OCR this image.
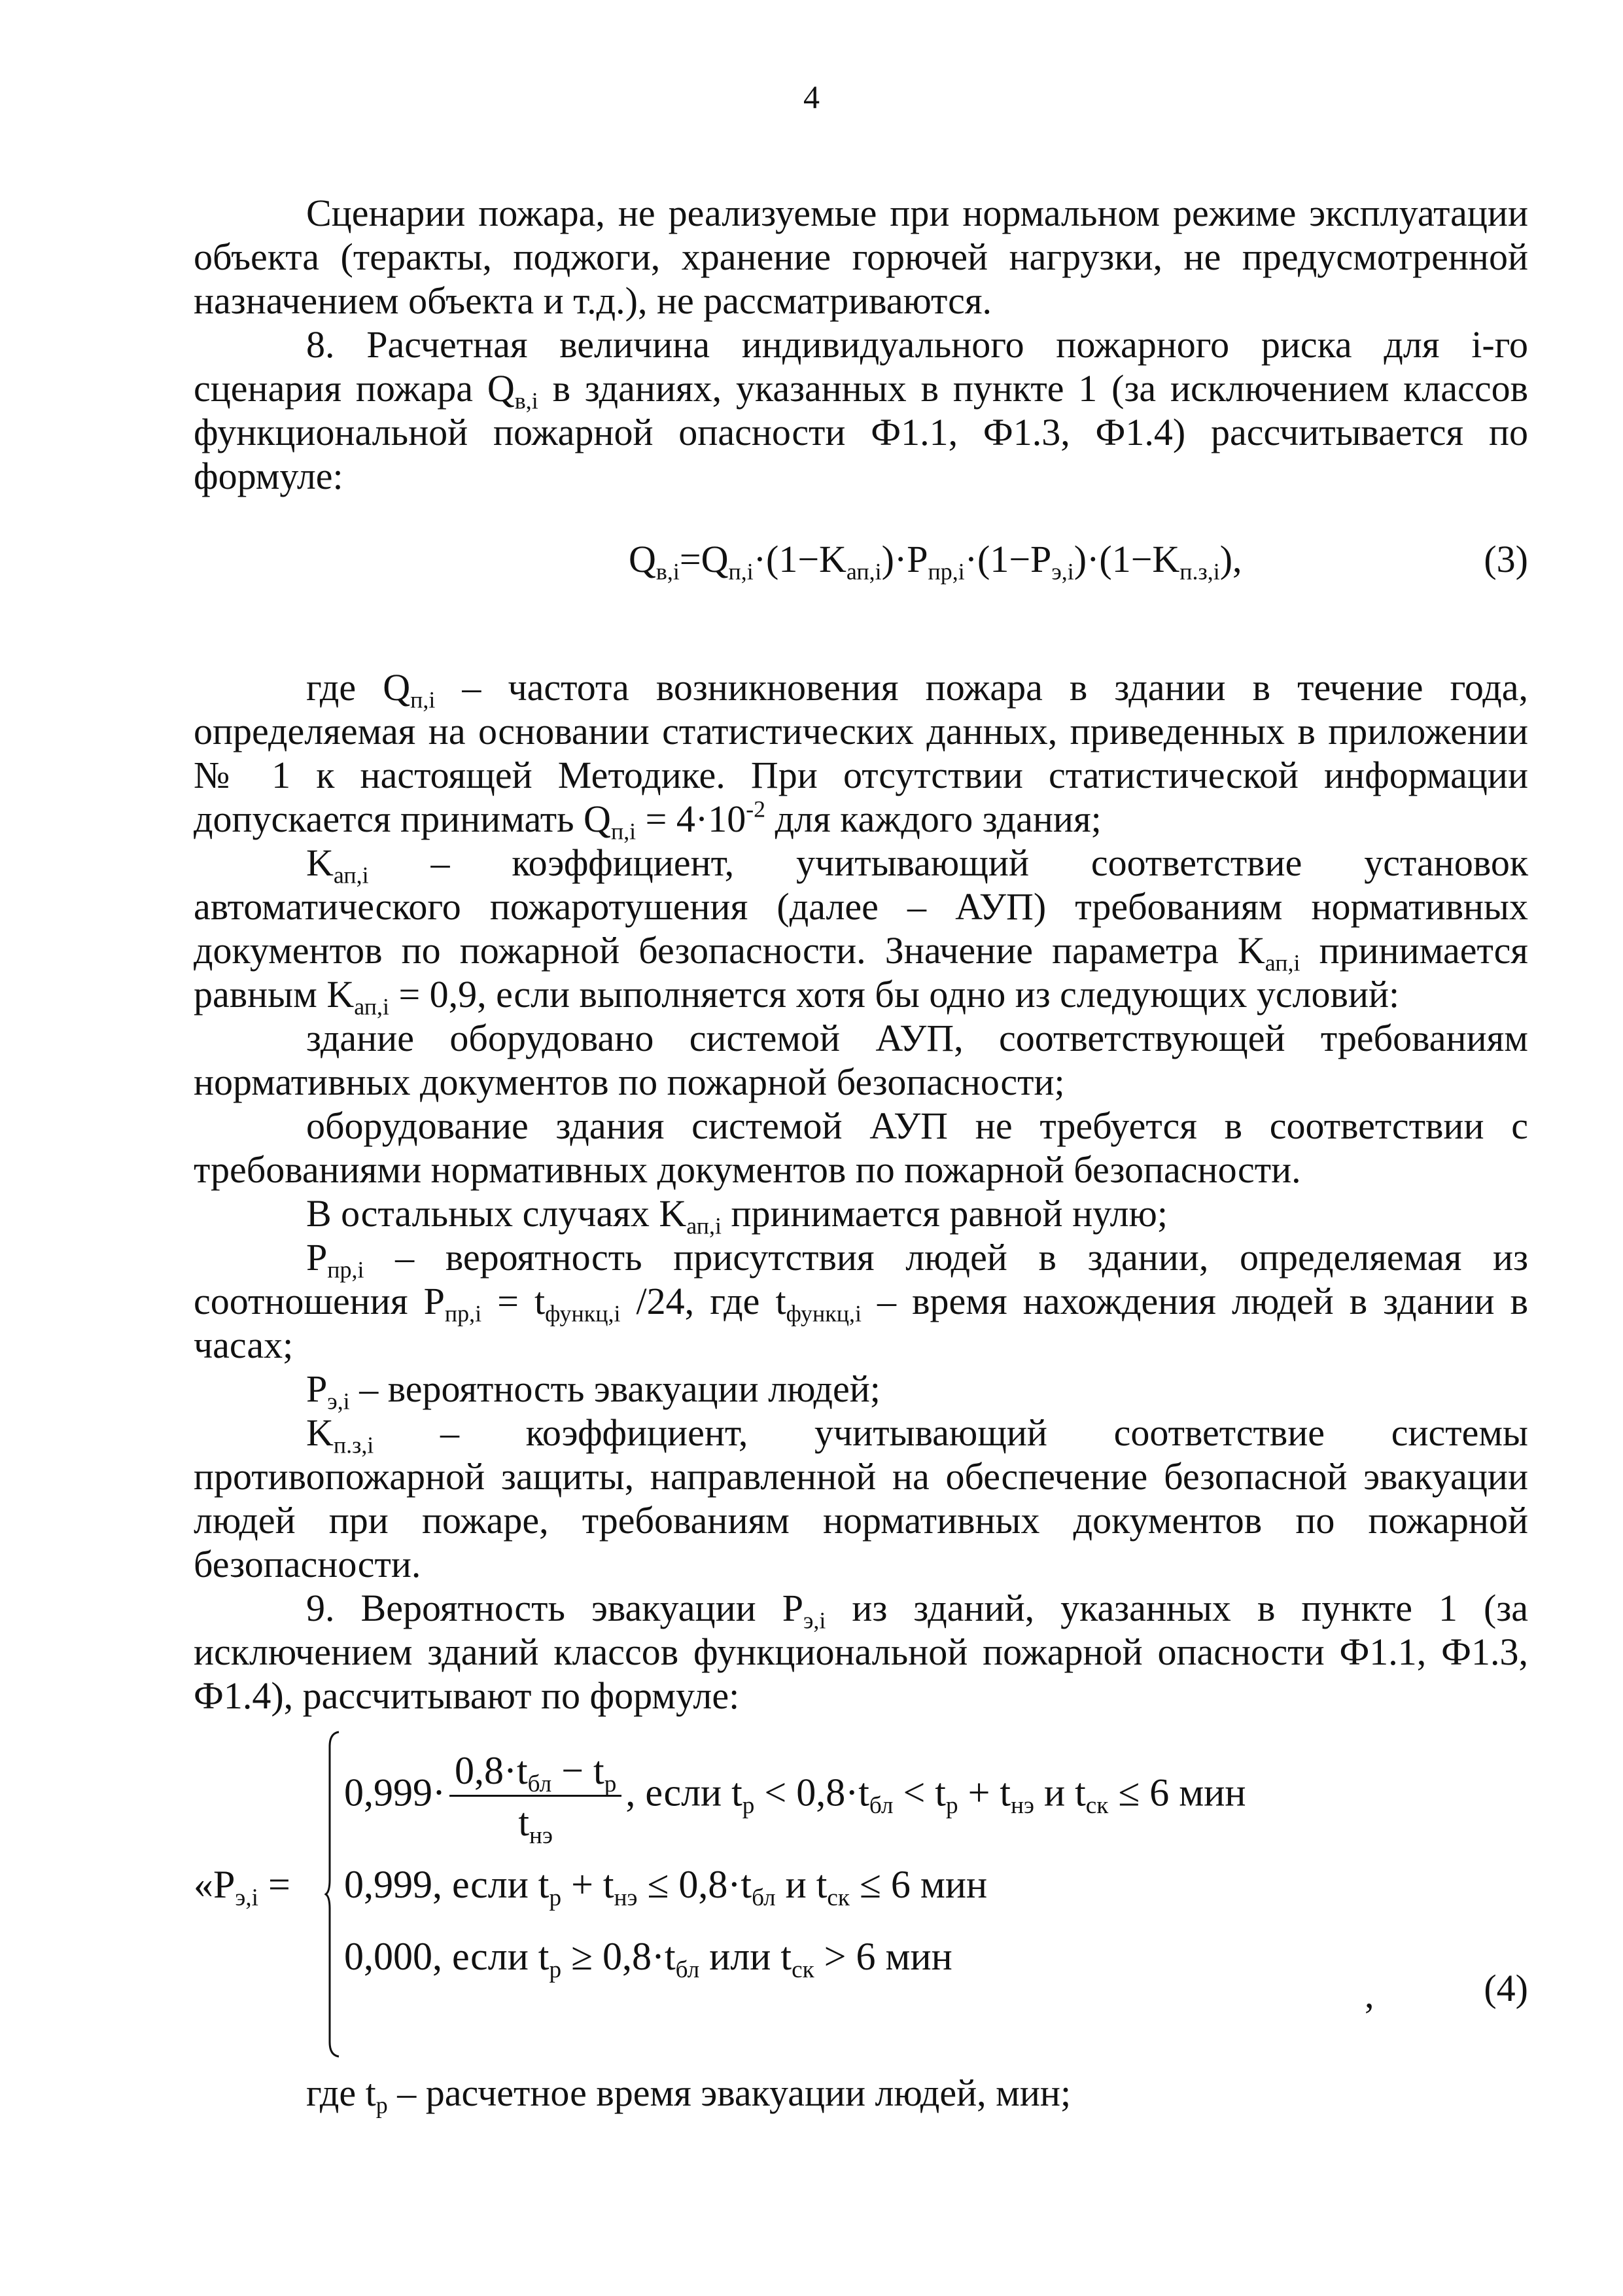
4

Сценарии пожара, не реализуемые при нормальном режиме эксплуатации объекта (теракты, поджоги, хранение горючей нагрузки, не предусмотренной назначением объекта и т.д.), не рассматриваются.

8. Расчетная величина индивидуального пожарного риска для i-го сценария пожара $Q_{в,i}$ в зданиях, указанных в пункте 1 (за исключением классов функциональной пожарной опасности Ф1.1, Ф1.3, Ф1.4) рассчитывается по формуле:

$Q_{в,i}=Q_{п,i}\cdot(1-K_{ап,i})\cdot P_{пр,i}\cdot(1-P_{э,i})\cdot(1-K_{п.з,i})$,	(3)

где $Q_{п,i}$ – частота возникновения пожара в здании в течение года, определяемая на основании статистических данных, приведенных в приложении № 1 к настоящей Методике. При отсутствии статистической информации допускается принимать $Q_{п,i} = 4\cdot 10^{-2}$ для каждого здания;

$K_{ап,i}$ – коэффициент, учитывающий соответствие установок автоматического пожаротушения (далее – АУП) требованиям нормативных документов по пожарной безопасности. Значение параметра $K_{ап,i}$ принимается равным $K_{ап,i} = 0,9$, если выполняется хотя бы одно из следующих условий:

здание оборудовано системой АУП, соответствующей требованиям нормативных документов по пожарной безопасности;

оборудование здания системой АУП не требуется в соответствии с требованиями нормативных документов по пожарной безопасности.

В остальных случаях $K_{ап,i}$ принимается равной нулю;

$P_{пр,i}$ – вероятность присутствия людей в здании, определяемая из соотношения $P_{пр,i} = t_{функц,i}$ /24, где $t_{функц,i}$ – время нахождения людей в здании в часах;

$P_{э,i}$ – вероятность эвакуации людей;

$K_{п.з,i}$ – коэффициент, учитывающий соответствие системы противопожарной защиты, направленной на обеспечение безопасной эвакуации людей при пожаре, требованиям нормативных документов по пожарной безопасности.

9. Вероятность эвакуации $P_{э,i}$ из зданий, указанных в пункте 1 (за исключением зданий классов функциональной пожарной опасности Ф1.1, Ф1.3, Ф1.4), рассчитывают по формуле:

«$P_{э,i}$ =
$0,999\cdot \frac{0,8\cdot t_{бл} - t_р}{t_{нэ}}$ , если $t_р < 0,8\cdot t_{бл} < t_р + t_{нэ}$ и $t_{ск} \le 6$ мин
0,999, если $t_р + t_{нэ} \le 0,8\cdot t_{бл}$ и $t_{ск} \le 6$ мин
0,000, если $t_р \ge 0,8\cdot t_{бл}$ или $t_{ск} > 6$ мин
,	(4)

где $t_р$ – расчетное время эвакуации людей, мин;
